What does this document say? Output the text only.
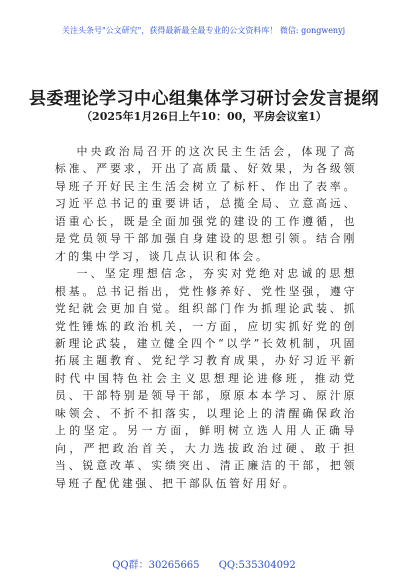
关注头条号"公文研究"，获得最新最全最专业的公文资料库！ 微信: gongwenyj
县委理论学习中心组集体学习研讨会发言提纲
（2025年1月26日上午10：00，平房会议室1）

中央政治局召开的这次民主生活会，体现了高标准、严要求，开出了高质量、好效果，为各级领导班子开好民主生活会树立了标杆、作出了表率。习近平总书记的重要讲话，总揽全局、立意高远、语重心长，既是全面加强党的建设的工作遵循，也是党员领导干部加强自身建设的思想引领。结合刚才的集中学习，谈几点认识和体会。

一、坚定理想信念，夯实对党绝对忠诚的思想根基。总书记指出，党性修养好、党性坚强，遵守党纪就会更加自觉。组织部门作为抓理论武装、抓党性锤炼的政治机关，一方面，应切实抓好党的创新理论武装，建立健全四个“以学”长效机制，巩固拓展主题教育、党纪学习教育成果，办好习近平新时代中国特色社会主义思想理论进修班，推动党员、干部特别是领导干部，原原本本学习、原汁原味领会、不折不扣落实，以理论上的清醒确保政治上的坚定。另一方面，鲜明树立选人用人正确导向，严把政治首关，大力选拔政治过硬、敢于担当、锐意改革、实绩突出、清正廉洁的干部，把领导班子配优建强、把干部队伍管好用好。

QQ群：30265665 QQ:535304092
